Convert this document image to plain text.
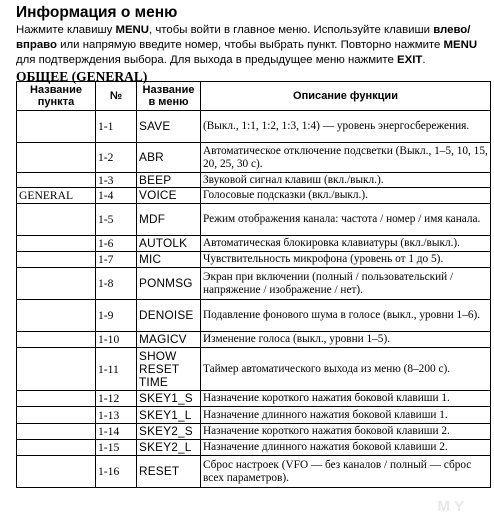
Информация о меню

Нажмите клавишу MENU, чтобы войти в главное меню. Используйте клавиши влево/вправо или напрямую введите номер, чтобы выбрать пункт. Повторно нажмите MENU для подтверждения выбора. Для выхода в предыдущее меню нажмите EXIT.

ОБЩЕЕ (GENERAL)
Название пункта	№	Название в меню	Описание функции
	1-1	SAVE	(Выкл., 1:1, 1:2, 1:3, 1:4) — уровень энергосбережения.
	1-2	ABR	Автоматическое отключение подсветки (Выкл., 1–5, 10, 15, 20, 25, 30 с).
	1-3	BEEP	Звуковой сигнал клавиш (вкл./выкл.).
GENERAL	1-4	VOICE	Голосовые подсказки (вкл./выкл.).
	1-5	MDF	Режим отображения канала: частота / номер / имя канала.
	1-6	AUTOLK	Автоматическая блокировка клавиатуры (вкл./выкл.).
	1-7	MIC	Чувствительность микрофона (уровень от 1 до 5).
	1-8	PONMSG	Экран при включении (полный / пользовательский / напряжение / изображение / нет).
	1-9	DENOISE	Подавление фонового шума в голосе (выкл., уровни 1–6).
	1-10	MAGICV	Изменение голоса (выкл., уровни 1–5).
	1-11	SHOW RESET TIME	Таймер автоматического выхода из меню (8–200 с).
	1-12	SKEY1_S	Назначение короткого нажатия боковой клавиши 1.
	1-13	SKEY1_L	Назначение длинного нажатия боковой клавиши 1.
	1-14	SKEY2_S	Назначение короткого нажатия боковой клавиши 2.
	1-15	SKEY2_L	Назначение длинного нажатия боковой клавиши 2.
	1-16	RESET	Сброс настроек (VFO — без каналов / полный — сброс всех параметров).
MY
